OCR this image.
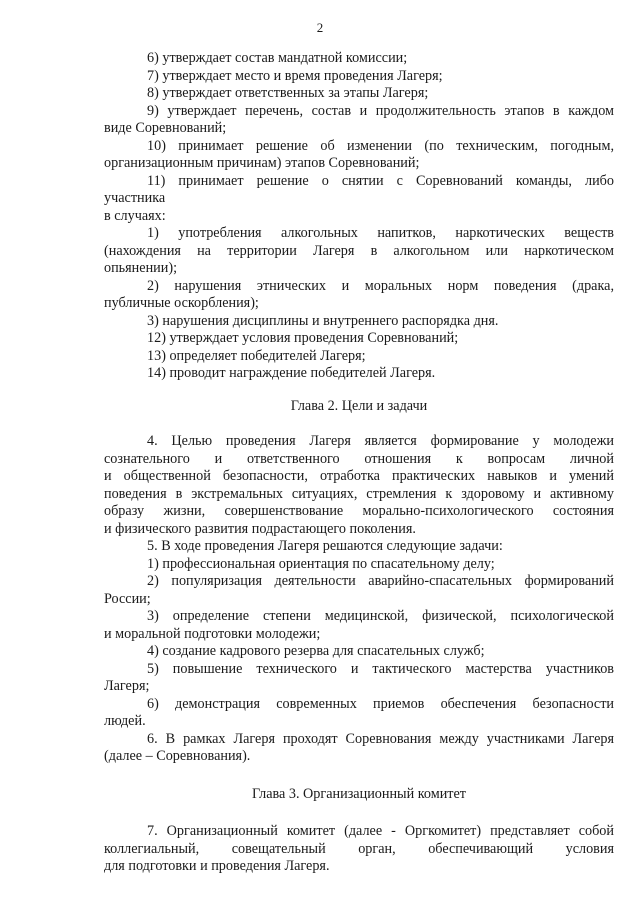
2
6) утверждает состав мандатной комиссии;
7) утверждает место и время проведения Лагеря;
8) утверждает ответственных за этапы Лагеря;
9) утверждает перечень, состав и продолжительность этапов в каждом
виде Соревнований;
10) принимает решение об изменении (по техническим, погодным,
организационным причинам) этапов Соревнований;
11) принимает решение о снятии с Соревнований команды, либо
участника
в случаях:
1) употребления алкогольных напитков, наркотических веществ
(нахождения на территории Лагеря в алкогольном или наркотическом
опьянении);
2) нарушения этнических и моральных норм поведения (драка,
публичные оскорбления);
3) нарушения дисциплины и внутреннего распорядка дня.
12) утверждает условия проведения Соревнований;
13) определяет победителей Лагеря;
14) проводит награждение победителей Лагеря.
Глава 2. Цели и задачи
4. Целью проведения Лагеря является формирование у молодежи
сознательного и ответственного отношения к вопросам личной
и общественной безопасности, отработка практических навыков и умений
поведения в экстремальных ситуациях, стремления к здоровому и активному
образу жизни, совершенствование морально-психологического состояния
и физического развития подрастающего поколения.
5. В ходе проведения Лагеря решаются следующие задачи:
1) профессиональная ориентация по спасательному делу;
2) популяризация деятельности аварийно-спасательных формирований
России;
3) определение степени медицинской, физической, психологической
и моральной подготовки молодежи;
4) создание кадрового резерва для спасательных служб;
5) повышение технического и тактического мастерства участников
Лагеря;
6) демонстрация современных приемов обеспечения безопасности
людей.
6. В рамках Лагеря проходят Соревнования между участниками Лагеря
(далее – Соревнования).
Глава 3. Организационный комитет
7. Организационный комитет (далее - Оргкомитет) представляет собой
коллегиальный, совещательный орган, обеспечивающий условия
для подготовки и проведения Лагеря.
